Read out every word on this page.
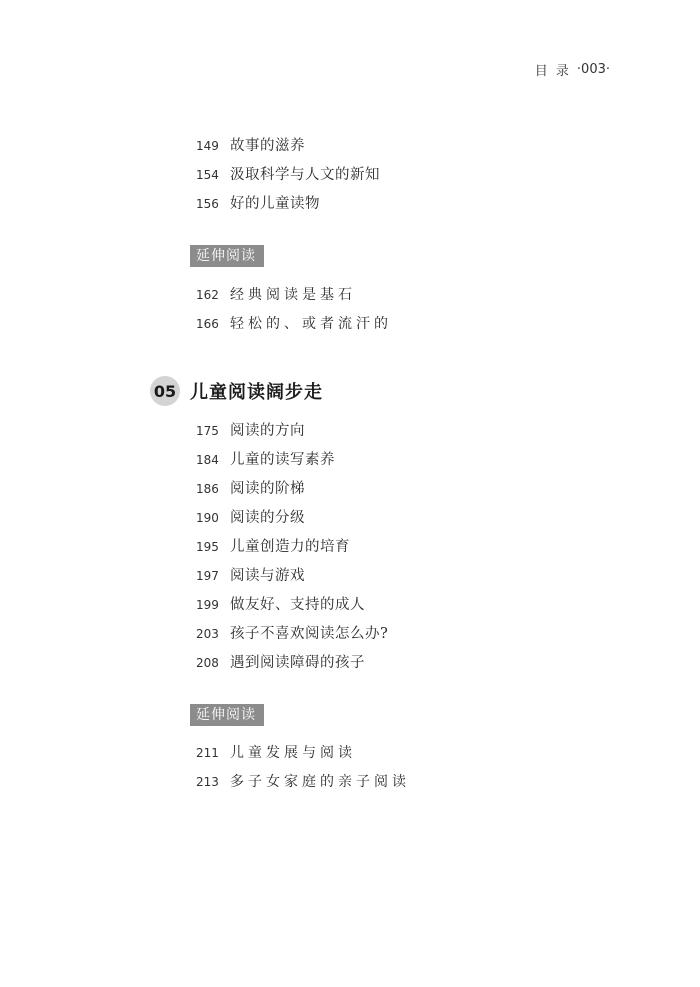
目 录 ·003·
149 故事的滋养
154 汲取科学与人文的新知
156 好的儿童读物
延伸阅读
162 经典阅读是基石
166 轻松的、或者流汗的
05 儿童阅读阔步走
175 阅读的方向
184 儿童的读写素养
186 阅读的阶梯
190 阅读的分级
195 儿童创造力的培育
197 阅读与游戏
199 做友好、支持的成人
203 孩子不喜欢阅读怎么办?
208 遇到阅读障碍的孩子
延伸阅读
211 儿童发展与阅读
213 多子女家庭的亲子阅读
